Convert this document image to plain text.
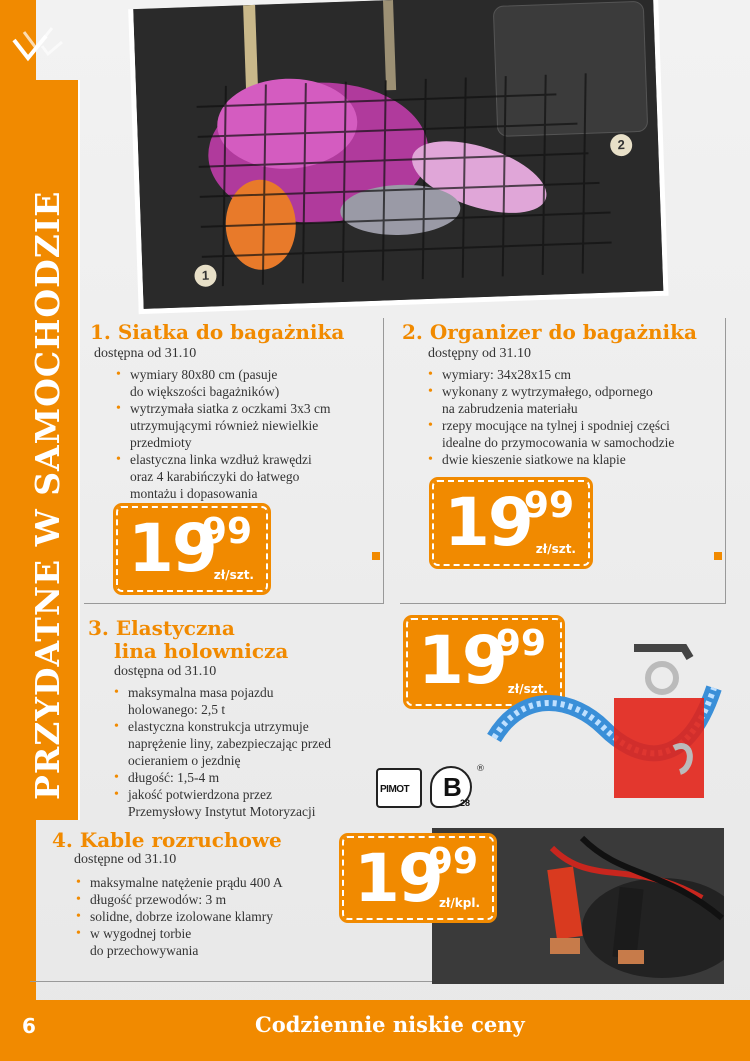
PRZYDATNE W SAMOCHODZIE	1
2
1. Siatka do bagażnika
dostępna od 31.10
• wymiary 80x80 cm (pasuje
do większości bagażników)
• wytrzymała siatka z oczkami 3x3 cm
utrzymującymi również niewielkie
przedmioty
• elastyczna linka wzdłuż krawędzi
oraz 4 karabińczyki do łatwego
montażu i dopasowania
19
99
zł/szt.
2. Organizer do bagażnika
dostępny od 31.10
• wymiary: 34x28x15 cm
• wykonany z wytrzymałego, odpornego
na zabrudzenia materiału
• rzepy mocujące na tylnej i spodniej części
idealne do przymocowania w samochodzie
• dwie kieszenie siatkowe na klapie
19
99
zł/szt.
3. Elastyczna
lina holownicza
dostępna od 31.10
• maksymalna masa pojazdu
holowanego: 2,5 t
• elastyczna konstrukcja utrzymuje
naprężenie liny, zabezpieczając przed
ocieraniem o jezdnię
• długość: 1,5-4 m
• jakość potwierdzona przez
Przemysłowy Instytut Motoryzacji
19
99
zł/szt.
PIMOT B
28
®
4. Kable rozruchowe
dostępne od 31.10
• maksymalne natężenie prądu 400 A
• długość przewodów: 3 m
• solidne, dobrze izolowane klamry
• w wygodnej torbie
do przechowywania
19
99
zł/kpl.
6	Codziennie niskie ceny
